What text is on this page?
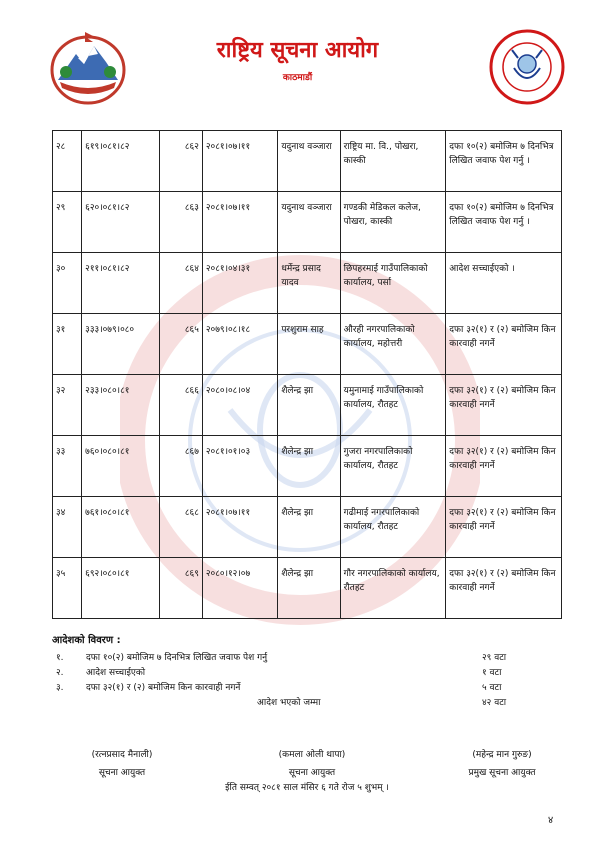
राष्ट्रिय सूचना आयोग
काठमाडौं
२८	६१९।०८१।८२	८६२	२०८१।०७।११	यदुनाथ वञ्जारा	राष्ट्रिय मा. वि., पोखरा, कास्की	दफा १०(२) बमोजिम ७ दिनभित्र लिखित जवाफ पेश गर्नु ।
२९	६२०।०८१।८२	८६३	२०८१।०७।११	यदुनाथ वञ्जारा	गण्डकी मेडिकल कलेज, पोखरा, कास्की	दफा १०(२) बमोजिम ७ दिनभित्र लिखित जवाफ पेश गर्नु ।
३०	२११।०८१।८२	८६४	२०८१।०४।३१	धर्मेन्द्र प्रसाद यादव	छिपहरमाई गाउँपालिकाको कार्यालय, पर्सा	आदेश सच्चाईएको ।
३१	३३३।०७९।०८०	८६५	२०७९।०८।१८	परशुराम साह	औरही नगरपालिकाको कार्यालय, महोत्तरी	दफा ३२(१) र (२) बमोजिम किन कारवाही नगर्ने
३२	२३३।०८०।८१	८६६	२०८०।०८।०४	शैलेन्द्र झा	यमुनामाई गाउँपालिकाको कार्यालय, रौतहट	दफा ३२(१) र (२) बमोजिम किन कारवाही नगर्ने
३३	७६०।०८०।८१	८६७	२०८१।०१।०३	शैलेन्द्र झा	गुजरा नगरपालिकाको कार्यालय, रौतहट	दफा ३२(१) र (२) बमोजिम किन कारवाही नगर्ने
३४	७६१।०८०।८१	८६८	२०८१।०७।११	शैलेन्द्र झा	गढीमाई नगरपालिकाको कार्यालय, रौतहट	दफा ३२(१) र (२) बमोजिम किन कारवाही नगर्ने
३५	६९२।०८०।८१	८६९	२०८०।१२।०७	शैलेन्द्र झा	गौर नगरपालिकाको कार्यालय, रौतहट	दफा ३२(१) र (२) बमोजिम किन कारवाही नगर्ने
आदेशको विवरण :
१. दफा १०(२) बमोजिम ७ दिनभित्र लिखित जवाफ पेश गर्नु	२९ वटा
२. आदेश सच्चाईएको	१ वटा
३. दफा ३२(१) र (२) बमोजिम किन कारवाही नगर्ने	५ वटा
आदेश भएको जम्मा	४२ वटा
(रत्नप्रसाद मैनाली)
सूचना आयुक्त
(कमला ओली थापा)
सूचना आयुक्त
(महेन्द्र मान गुरुङ)
प्रमुख सूचना आयुक्त
ईति सम्वत् २०८१ साल मंसिर ६ गते रोज ५ शुभम् ।
४
